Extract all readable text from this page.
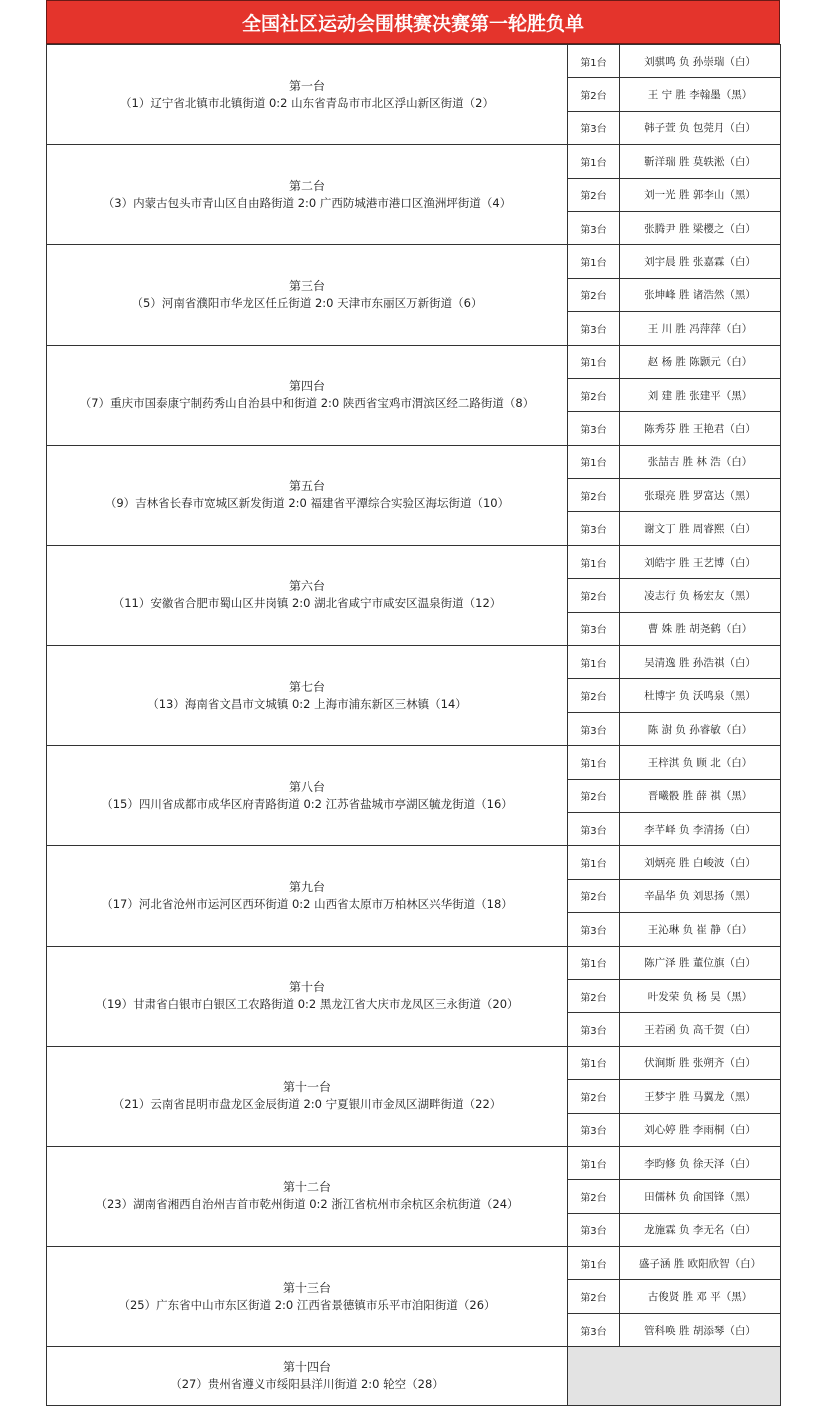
全国社区运动会围棋赛决赛第一轮胜负单
第一台
（1）辽宁省北镇市北镇街道 0:2 山东省青岛市市北区浮山新区街道（2）	第1台	刘骐鸣 负 孙崇瑞（白）
	第2台	王 宁 胜 李翰墨（黑）
	第3台	韩子萱 负 包莞月（白）

第二台
（3）内蒙古包头市青山区自由路街道 2:0 广西防城港市港口区渔洲坪街道（4）	第1台	靳洋瑞 胜 莫轶淞（白）
	第2台	刘一光 胜 郭李山（黑）
	第3台	张腾尹 胜 梁樱之（白）

第三台
（5）河南省濮阳市华龙区任丘街道 2:0 天津市东丽区万新街道（6）	第1台	刘宇晨 胜 张嘉霖（白）
	第2台	张坤峰 胜 诸浩然（黑）
	第3台	王 川 胜 冯萍萍（白）

第四台
（7）重庆市国泰康宁制药秀山自治县中和街道 2:0 陕西省宝鸡市渭滨区经二路街道（8）	第1台	赵 杨 胜 陈颢元（白）
	第2台	刘 建 胜 张建平（黑）
	第3台	陈秀芬 胜 王艳君（白）

第五台
（9）吉林省长春市宽城区新发街道 2:0 福建省平潭综合实验区海坛街道（10）	第1台	张喆吉 胜 林 浩（白）
	第2台	张璟亮 胜 罗富达（黑）
	第3台	谢文丁 胜 周睿熙（白）

第六台
（11）安徽省合肥市蜀山区井岗镇 2:0 湖北省咸宁市咸安区温泉街道（12）	第1台	刘皓宇 胜 王艺博（白）
	第2台	凌志行 负 杨宏友（黑）
	第3台	曹 姝 胜 胡尧鹤（白）

第七台
（13）海南省文昌市文城镇 0:2 上海市浦东新区三林镇（14）	第1台	吴清逸 胜 孙浩祺（白）
	第2台	杜博宇 负 沃鸣泉（黑）
	第3台	陈 澍 负 孙睿敏（白）

第八台
（15）四川省成都市成华区府青路街道 0:2 江苏省盐城市亭湖区毓龙街道（16）	第1台	王梓淇 负 顾 北（白）
	第2台	晋曦骰 胜 薛 祺（黑）
	第3台	李芊峄 负 李清扬（白）

第九台
（17）河北省沧州市运河区西环街道 0:2 山西省太原市万柏林区兴华街道（18）	第1台	刘炳亮 胜 白峻波（白）
	第2台	辛晶华 负 刘思扬（黑）
	第3台	王沁琳 负 崔 静（白）

第十台
（19）甘肃省白银市白银区工农路街道 0:2 黑龙江省大庆市龙凤区三永街道（20）	第1台	陈广泽 胜 董位旗（白）
	第2台	叶发荣 负 杨 昊（黑）
	第3台	王若函 负 高千贺（白）

第十一台
（21）云南省昆明市盘龙区金辰街道 2:0 宁夏银川市金凤区湖畔街道（22）	第1台	伏涧斯 胜 张朔齐（白）
	第2台	王梦宇 胜 马翼龙（黑）
	第3台	刘心婷 胜 李雨桐（白）

第十二台
（23）湖南省湘西自治州吉首市乾州街道 0:2 浙江省杭州市余杭区余杭街道（24）	第1台	李昀修 负 徐天泽（白）
	第2台	田儒林 负 俞国锋（黑）
	第3台	龙施霖 负 李无名（白）

第十三台
（25）广东省中山市东区街道 2:0 江西省景德镇市乐平市洎阳街道（26）	第1台	盛子涵 胜 欧阳欣智（白）
	第2台	古俊贤 胜 邓 平（黑）
	第3台	管科唤 胜 胡添琴（白）

第十四台
（27）贵州省遵义市绥阳县洋川街道 2:0 轮空（28）		
